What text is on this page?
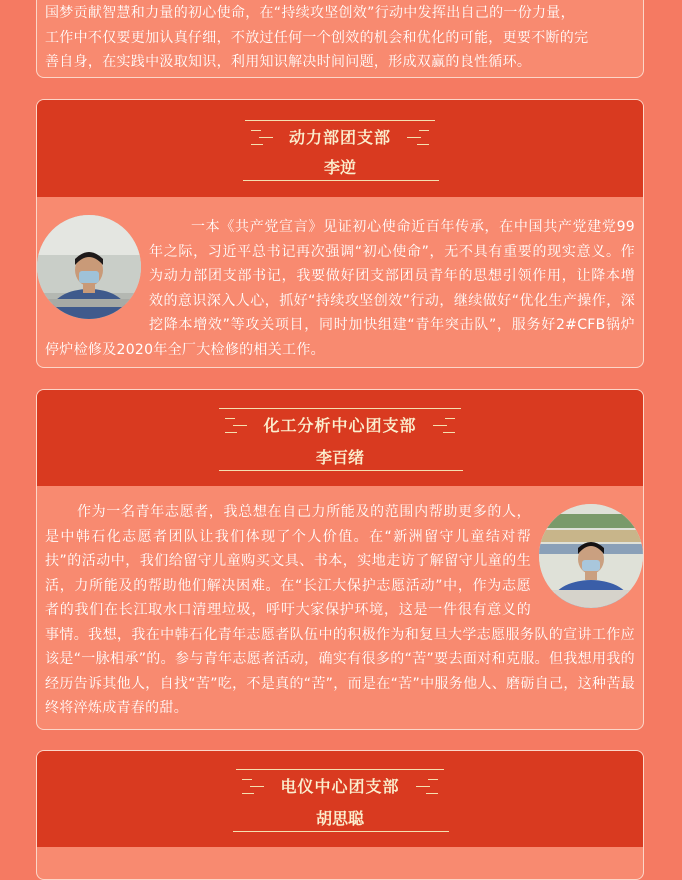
国梦贡献智慧和力量的初心使命，在“持续攻坚创效”行动中发挥出自己的一份力量，

工作中不仅要更加认真仔细，不放过任何一个创效的机会和优化的可能，更要不断的完

善自身，在实践中汲取知识，利用知识解决时间问题，形成双赢的良性循环。

动力部团支部
李逆

一本《共产党宣言》见证初心使命近百年传承，在中国共产党建党99年之际，习近平总书记再次强调“初心使命”，无不具有重要的现实意义。作为动力部团支部书记，我要做好团支部团员青年的思想引领作用，让降本增效的意识深入人心，抓好“持续攻坚创效”行动，继续做好“优化生产操作，深挖降本增效”等攻关项目，同时加快组建“青年突击队”，服务好2#CFB锅炉停炉检修及2020年全厂大检修的相关工作。

化工分析中心团支部
李百绪

作为一名青年志愿者，我总想在自己力所能及的范围内帮助更多的人，是中韩石化志愿者团队让我们体现了个人价值。在“新洲留守儿童结对帮扶”的活动中，我们给留守儿童购买文具、书本，实地走访了解留守儿童的生活，力所能及的帮助他们解决困难。在“长江大保护志愿活动”中，作为志愿者的我们在长江取水口清理垃圾，呼吁大家保护环境，这是一件很有意义的事情。我想，我在中韩石化青年志愿者队伍中的积极作为和复旦大学志愿服务队的宣讲工作应该是“一脉相承”的。参与青年志愿者活动，确实有很多的“苦”要去面对和克服。但我想用我的经历告诉其他人，自找“苦”吃，不是真的“苦”，而是在“苦”中服务他人、磨砺自己，这种苦最终将淬炼成青春的甜。

电仪中心团支部
胡思聪
